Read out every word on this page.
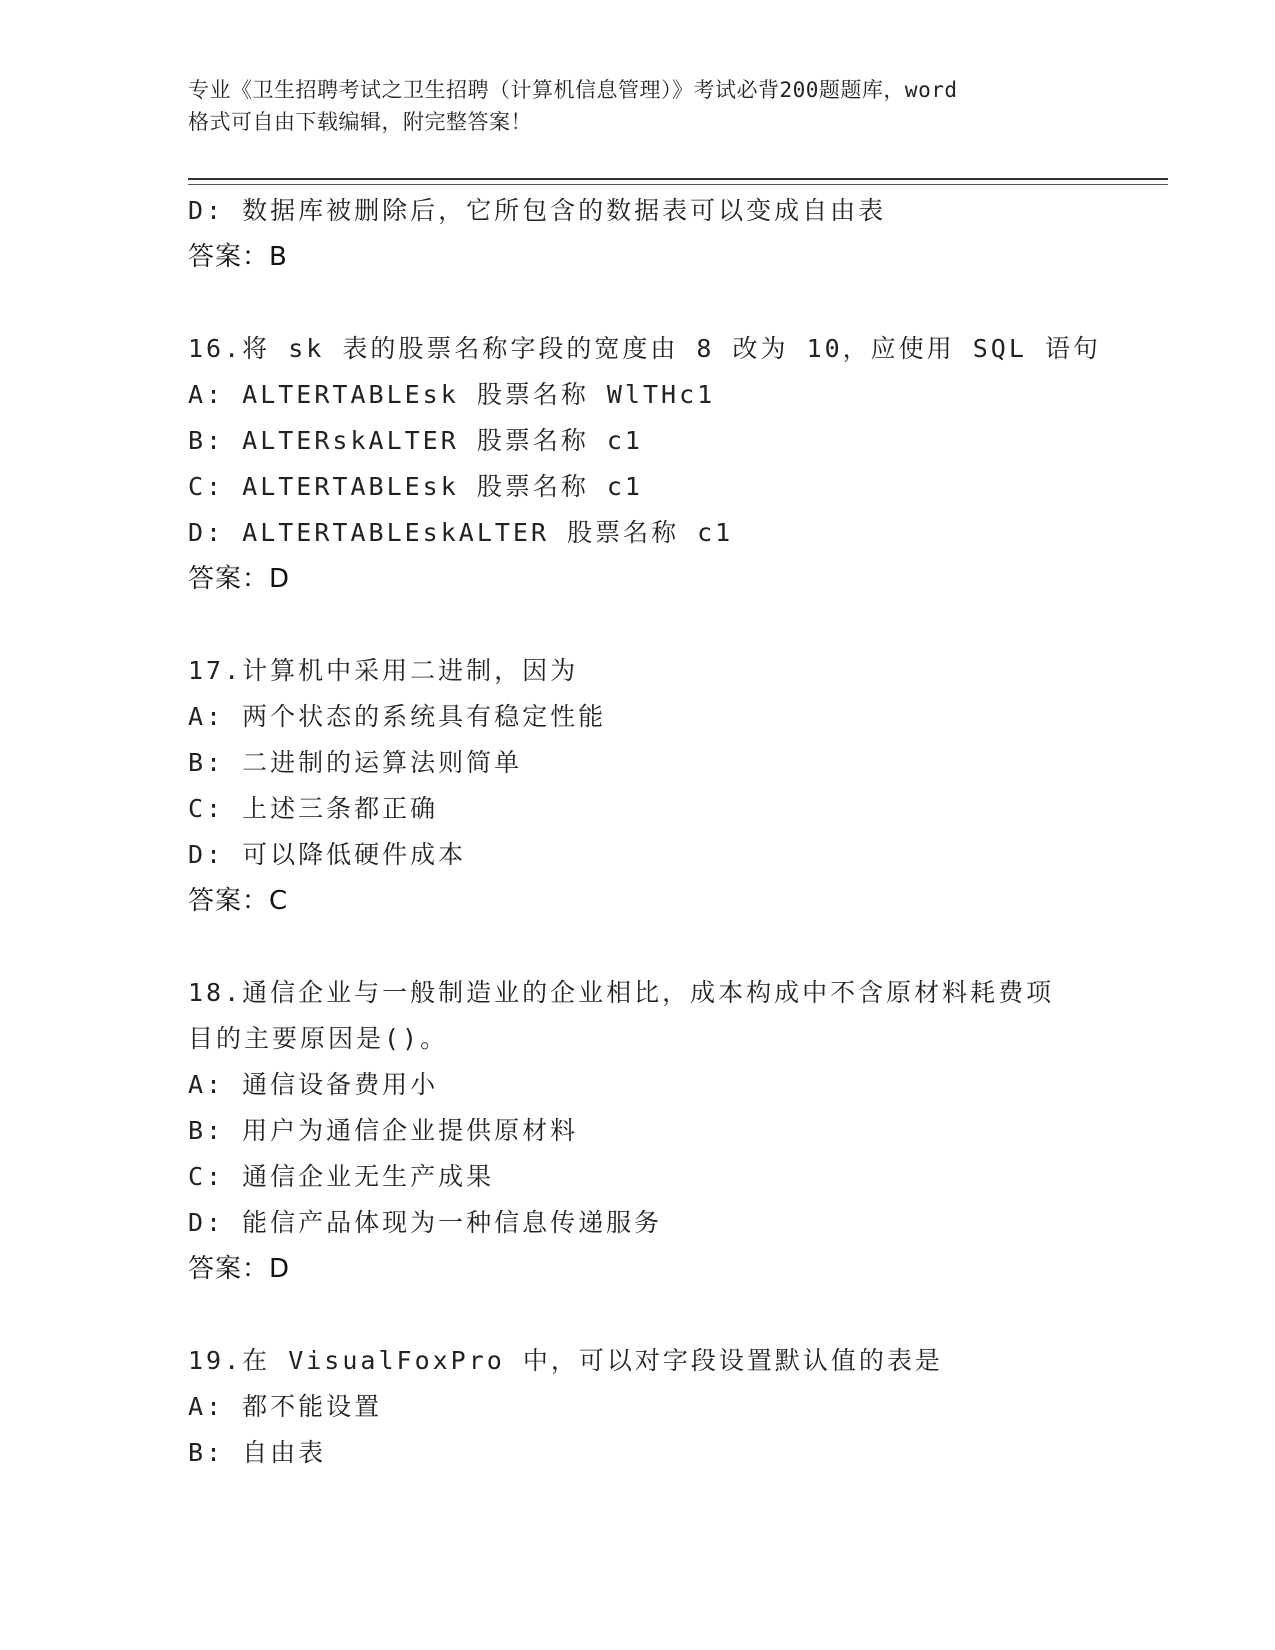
专业《卫生招聘考试之卫生招聘（计算机信息管理）》考试必背200题题库，word
格式可自由下载编辑，附完整答案！
D: 数据库被删除后，它所包含的数据表可以变成自由表
答案：B
16.将 sk 表的股票名称字段的宽度由 8 改为 10，应使用 SQL 语句
A: ALTERTABLEsk 股票名称 WlTHc1
B: ALTERskALTER 股票名称 c1
C: ALTERTABLEsk 股票名称 c1
D: ALTERTABLEskALTER 股票名称 c1
答案：D
17.计算机中采用二进制，因为
A: 两个状态的系统具有稳定性能
B: 二进制的运算法则简单
C: 上述三条都正确
D: 可以降低硬件成本
答案：C
18.通信企业与一般制造业的企业相比，成本构成中不含原材料耗费项
目的主要原因是()。
A: 通信设备费用小
B: 用户为通信企业提供原材料
C: 通信企业无生产成果
D: 能信产品体现为一种信息传递服务
答案：D
19.在 VisualFoxPro 中，可以对字段设置默认值的表是
A: 都不能设置
B: 自由表
